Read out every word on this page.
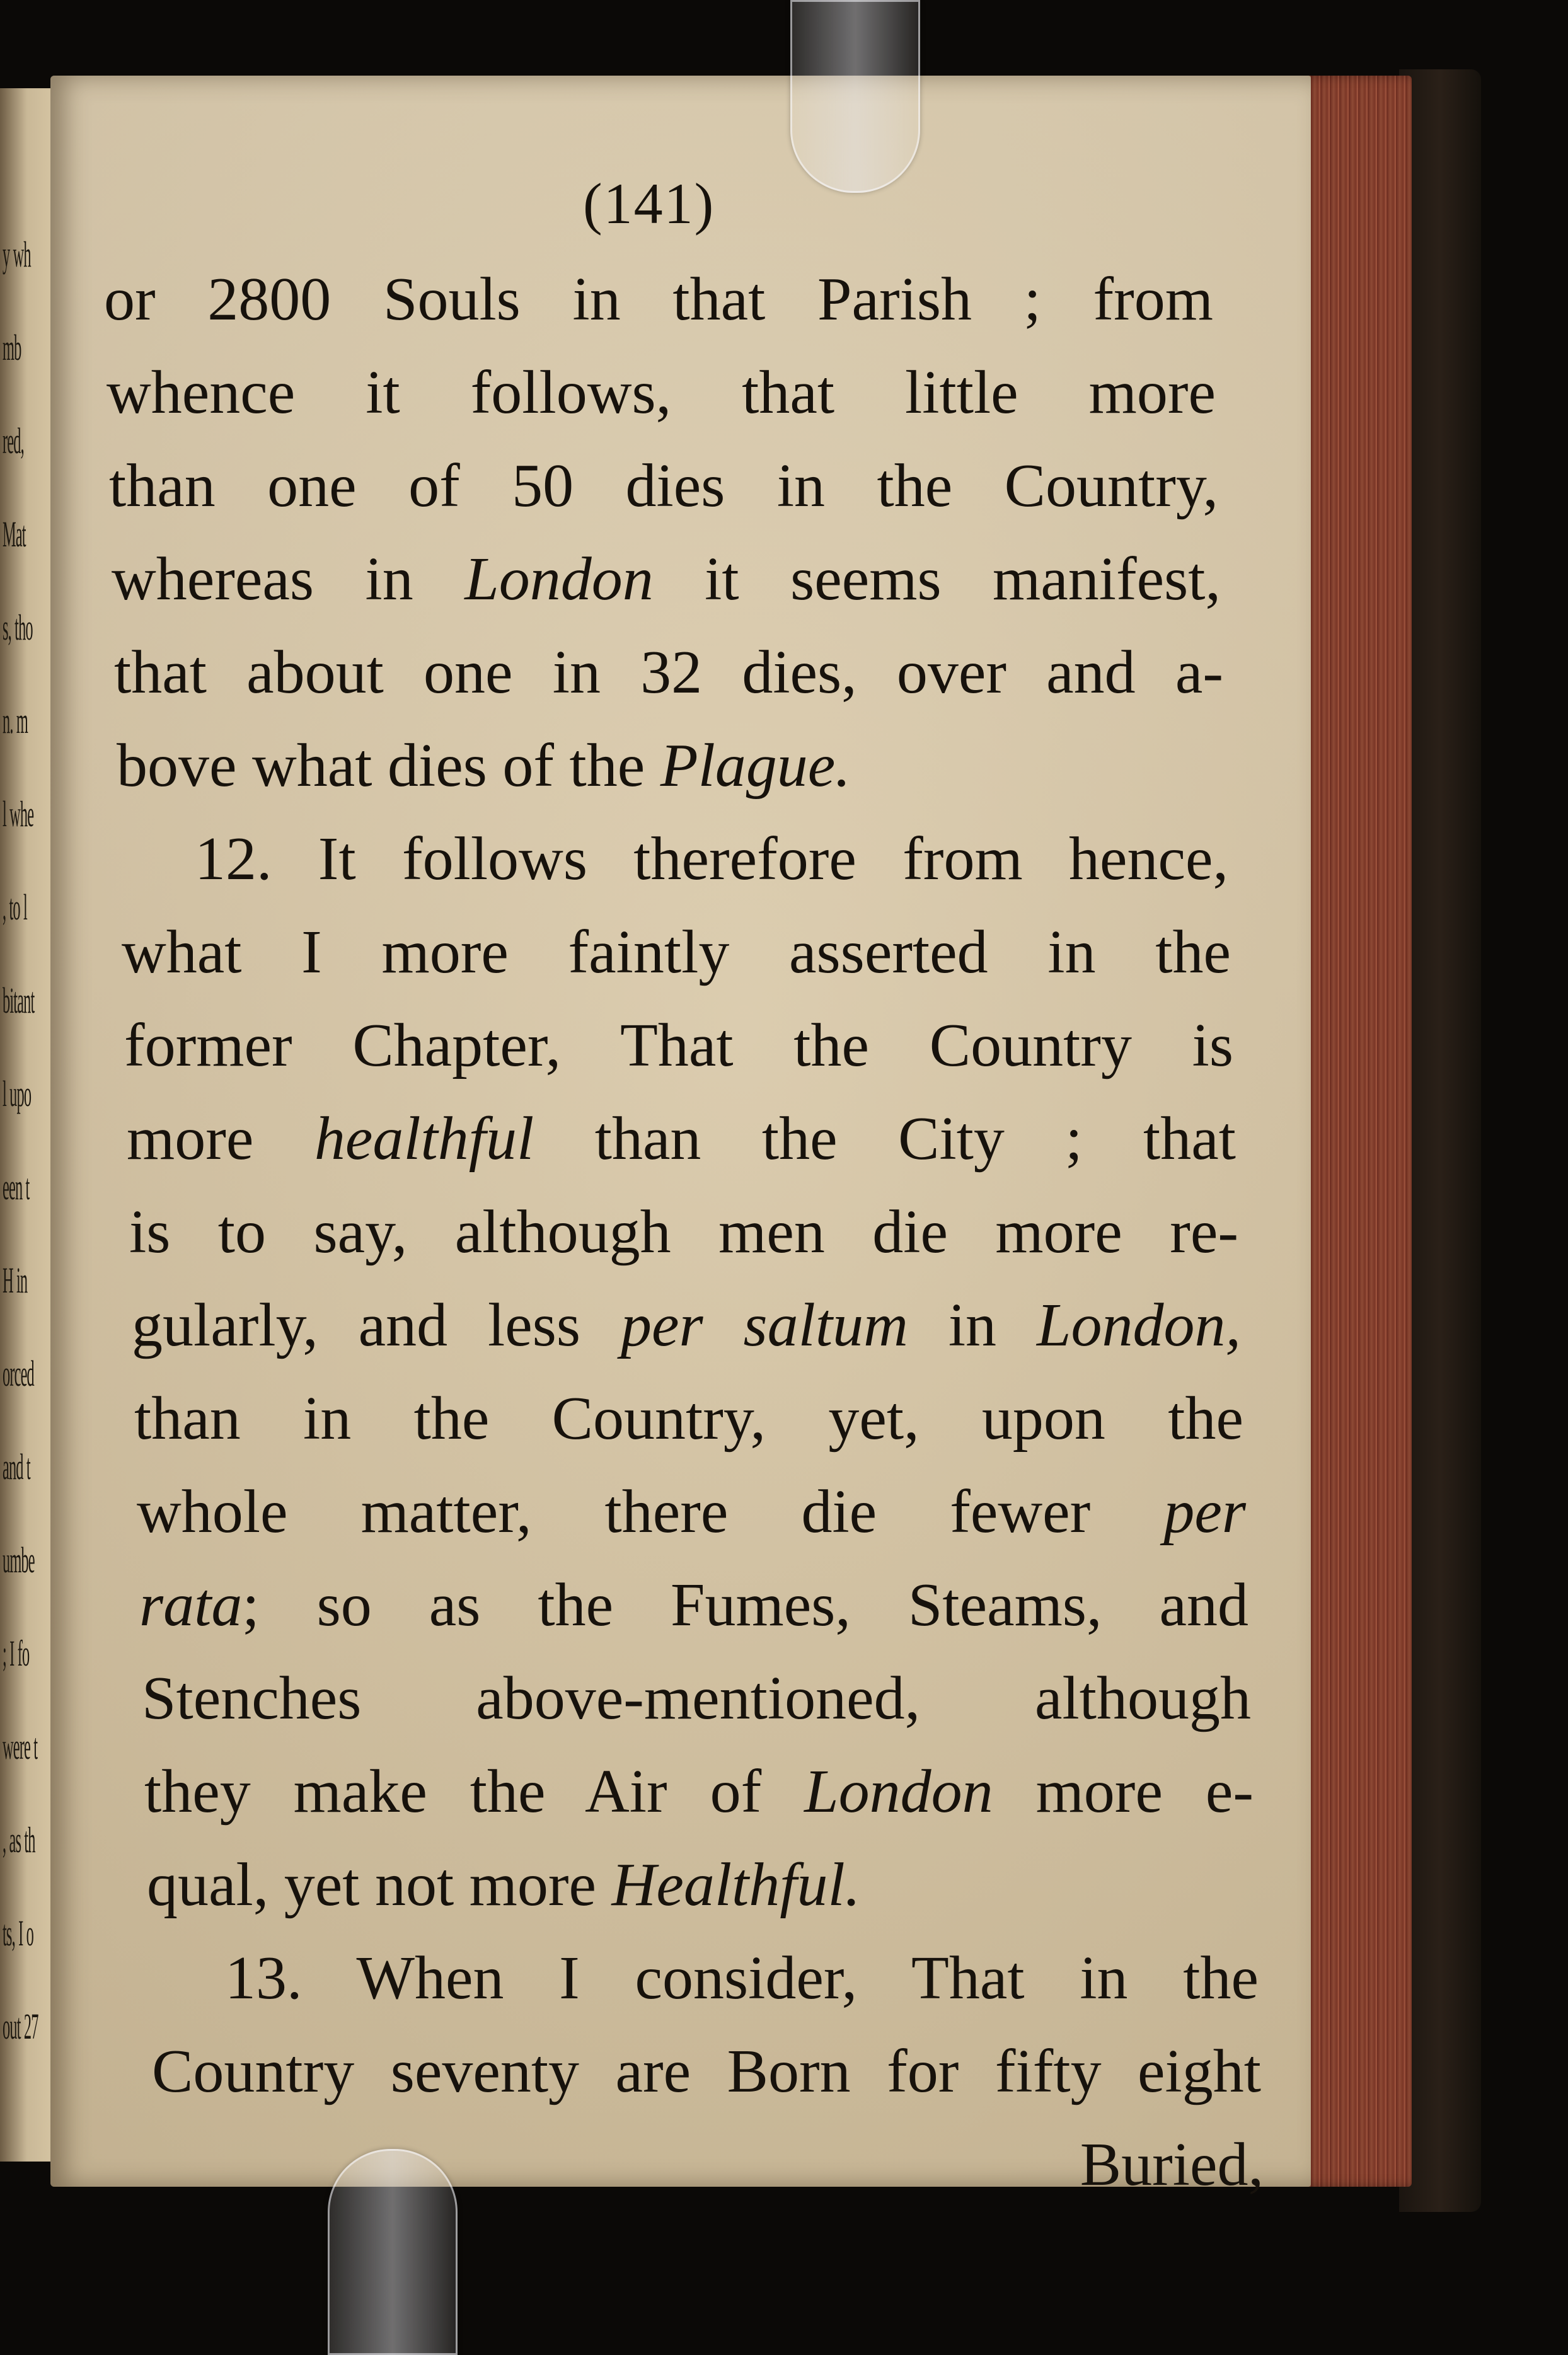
y wh
mb
red,
Mat
s, tho
n. m
l whe
, to l
bitant
l upo
een t
H in
orced
and t
umbe
; I fo
were t
, as th
ts, I o
out 27
(141)
or 2800 Souls in that Parish ; from
whence it follows, that little more
than one of 50 dies in the Country,
whereas in London it seems manifest,
that about one in 32 dies, over and a-
bove what dies of the Plague.
12. It follows therefore from hence,
what I more faintly asserted in the
former Chapter, That the Country is
more healthful than the City ; that
is to say, although men die more re-
gularly, and less per saltum in London,
than in the Country, yet, upon the
whole matter, there die fewer per
rata; so as the Fumes, Steams, and
Stenches above-mentioned, although
they make the Air of London more e-
qual, yet not more Healthful.
13. When I consider, That in the
Country seventy are Born for fifty eight
Buried,
